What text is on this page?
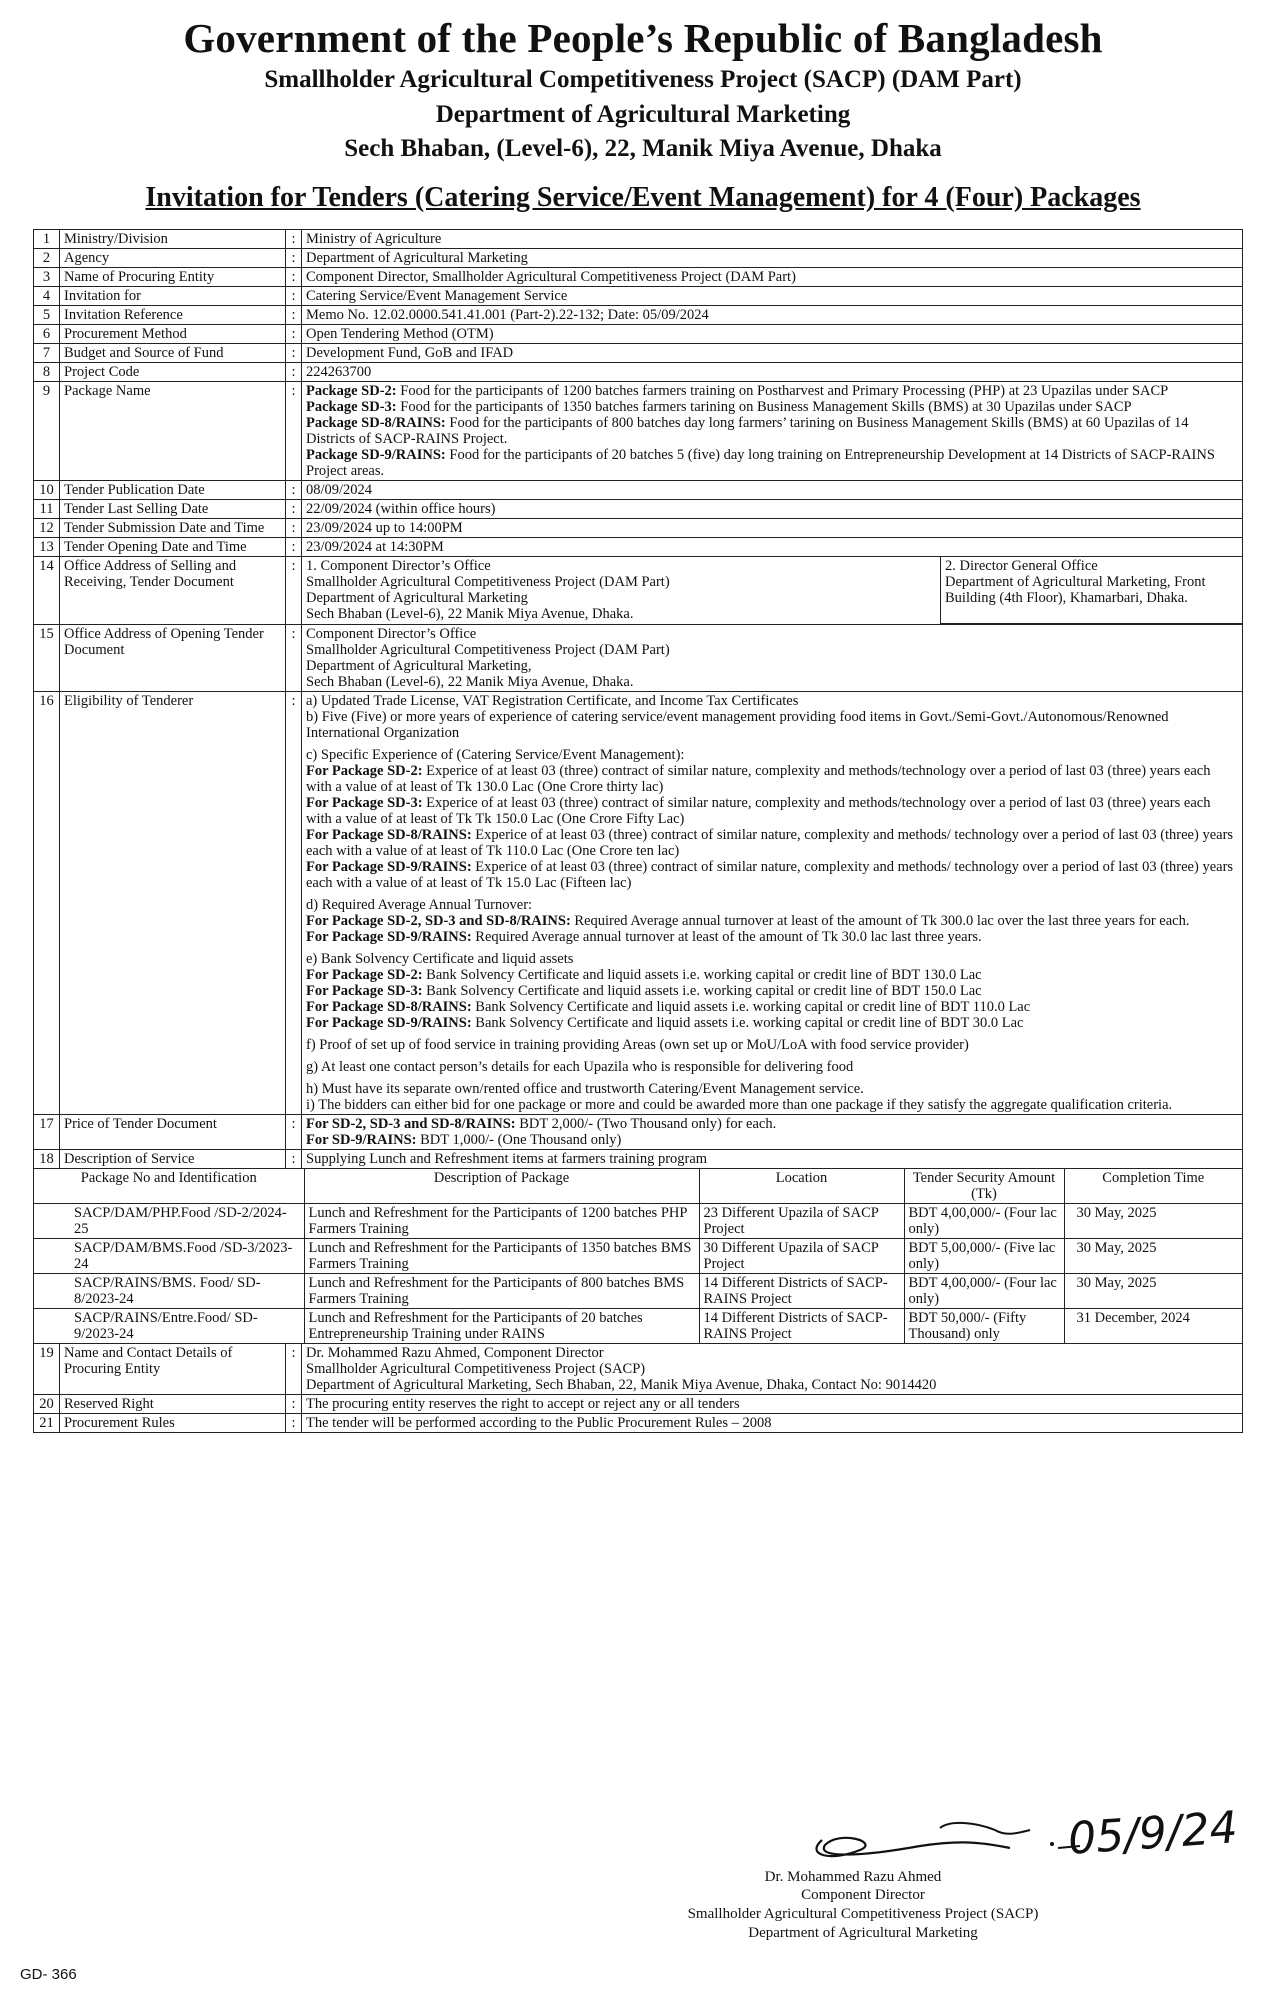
Government of the People’s Republic of Bangladesh
Smallholder Agricultural Competitiveness Project (SACP) (DAM Part)
Department of Agricultural Marketing
Sech Bhaban, (Level-6), 22, Manik Miya Avenue, Dhaka
Invitation for Tenders (Catering Service/Event Management) for 4 (Four) Packages
1	Ministry/Division	:	Ministry of Agriculture
2	Agency	:	Department of Agricultural Marketing
3	Name of Procuring Entity	:	Component Director, Smallholder Agricultural Competitiveness Project (DAM Part)
4	Invitation for	:	Catering Service/Event Management Service
5	Invitation Reference	:	Memo No. 12.02.0000.541.41.001 (Part-2).22-132; Date: 05/09/2024
6	Procurement Method	:	Open Tendering Method (OTM)
7	Budget and Source of Fund	:	Development Fund, GoB and IFAD
8	Project Code	:	224263700
9	Package Name	:	Package SD-2: Food for the participants of 1200 batches farmers training on Postharvest and Primary Processing (PHP) at 23 Upazilas under SACP

Package SD-3: Food for the participants of 1350 batches farmers tarining on Business Management Skills (BMS) at 30 Upazilas under SACP

Package SD-8/RAINS: Food for the participants of 800 batches day long farmers’ tarining on Business Management Skills (BMS) at 60 Upazilas of 14 Districts of SACP-RAINS Project.

Package SD-9/RAINS: Food for the participants of 20 batches 5 (five) day long training on Entrepreneurship Development at 14 Districts of SACP-RAINS Project areas.

10	Tender Publication Date	:	08/09/2024
11	Tender Last Selling Date	:	22/09/2024 (within office hours)
12	Tender Submission Date and Time	:	23/09/2024 up to 14:00PM
13	Tender Opening Date and Time	:	23/09/2024 at 14:30PM
14	Office Address of Selling and Receiving, Tender Document	:	1. Component Director’s Office

Smallholder Agricultural Competitiveness Project (DAM Part)

Department of Agricultural Marketing

Sech Bhaban (Level-6), 22 Manik Miya Avenue, Dhaka.

2. Director General Office

Department of Agricultural Marketing, Front Building (4th Floor), Khamarbari, Dhaka.

15	Office Address of Opening Tender Document	:	Component Director’s Office

Smallholder Agricultural Competitiveness Project (DAM Part)

Department of Agricultural Marketing,

Sech Bhaban (Level-6), 22 Manik Miya Avenue, Dhaka.

16	Eligibility of Tenderer	:	a) Updated Trade License, VAT Registration Certificate, and Income Tax Certificates

b) Five (Five) or more years of experience of catering service/event management providing food items in Govt./Semi-Govt./Autonomous/Renowned International Organization

c) Specific Experience of (Catering Service/Event Management):

For Package SD-2: Experice of at least 03 (three) contract of similar nature, complexity and methods/technology over a period of last 03 (three) years each with a value of at least of Tk 130.0 Lac (One Crore thirty lac)

For Package SD-3: Experice of at least 03 (three) contract of similar nature, complexity and methods/technology over a period of last 03 (three) years each with a value of at least of Tk Tk 150.0 Lac (One Crore Fifty Lac)

For Package SD-8/RAINS: Experice of at least 03 (three) contract of similar nature, complexity and methods/ technology over a period of last 03 (three) years each with a value of at least of Tk 110.0 Lac (One Crore ten lac)

For Package SD-9/RAINS: Experice of at least 03 (three) contract of similar nature, complexity and methods/ technology over a period of last 03 (three) years each with a value of at least of Tk 15.0 Lac (Fifteen lac)

d) Required Average Annual Turnover:

For Package SD-2, SD-3 and SD-8/RAINS: Required Average annual turnover at least of the amount of Tk 300.0 lac over the last three years for each.

For Package SD-9/RAINS: Required Average annual turnover at least of the amount of Tk 30.0 lac last three years.

e) Bank Solvency Certificate and liquid assets

For Package SD-2: Bank Solvency Certificate and liquid assets i.e. working capital or credit line of BDT 130.0 Lac

For Package SD-3: Bank Solvency Certificate and liquid assets i.e. working capital or credit line of BDT 150.0 Lac

For Package SD-8/RAINS: Bank Solvency Certificate and liquid assets i.e. working capital or credit line of BDT 110.0 Lac

For Package SD-9/RAINS: Bank Solvency Certificate and liquid assets i.e. working capital or credit line of BDT 30.0 Lac

f) Proof of set up of food service in training providing Areas (own set up or MoU/LoA with food service provider)

g) At least one contact person’s details for each Upazila who is responsible for delivering food

h) Must have its separate own/rented office and trustworth Catering/Event Management service.

i) The bidders can either bid for one package or more and could be awarded more than one package if they satisfy the aggregate qualification criteria.

17	Price of Tender Document	:	For SD-2, SD-3 and SD-8/RAINS: BDT 2,000/- (Two Thousand only) for each.

For SD-9/RAINS: BDT 1,000/- (One Thousand only)

18	Description of Service	:	Supplying Lunch and Refreshment items at farmers training program

Package No and Identification	Description of Package	Location	Tender Security Amount (Tk)	Completion Time
SACP/DAM/PHP.Food /SD-2/2024-25	Lunch and Refreshment for the Participants of 1200 batches PHP Farmers Training	23 Different Upazila of SACP Project	BDT 4,00,000/- (Four lac only)	30 May, 2025
SACP/DAM/BMS.Food /SD-3/2023-24	Lunch and Refreshment for the Participants of 1350 batches BMS Farmers Training	30 Different Upazila of SACP Project	BDT 5,00,000/- (Five lac only)	30 May, 2025
SACP/RAINS/BMS. Food/ SD-8/2023-24	Lunch and Refreshment for the Participants of 800 batches BMS Farmers Training	14 Different Districts of SACP-RAINS Project	BDT 4,00,000/- (Four lac only)	30 May, 2025
SACP/RAINS/Entre.Food/ SD-9/2023-24	Lunch and Refreshment for the Participants of 20 batches Entrepreneurship Training under RAINS	14 Different Districts of SACP-RAINS Project	BDT 50,000/- (Fifty Thousand) only	31 December, 2024

19	Name and Contact Details of Procuring Entity	:	Dr. Mohammed Razu Ahmed, Component Director

Smallholder Agricultural Competitiveness Project (SACP)

Department of Agricultural Marketing, Sech Bhaban, 22, Manik Miya Avenue, Dhaka, Contact No: 9014420

20	Reserved Right	:	The procuring entity reserves the right to accept or reject any or all tenders
21	Procurement Rules	:	The tender will be performed according to the Public Procurement Rules – 2008
05/9/24
Dr. Mohammed Razu Ahmed
Component Director
Smallholder Agricultural Competitiveness Project (SACP)
Department of Agricultural Marketing
GD- 366
